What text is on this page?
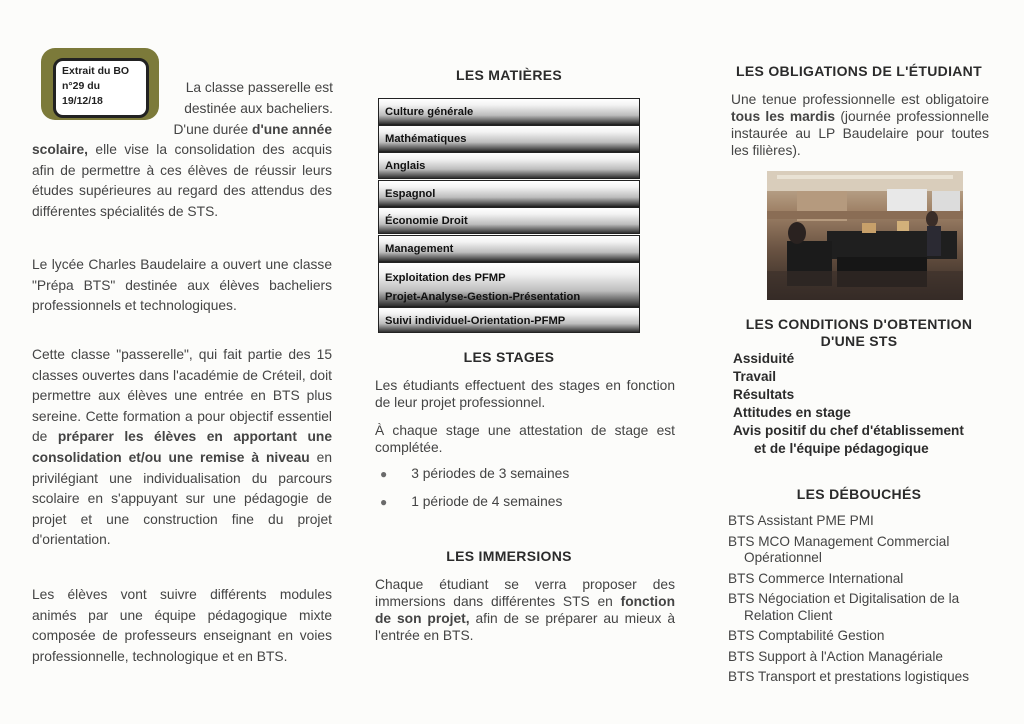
Extrait du BO
n°29 du
19/12/18
La classe passerelle est
destinée aux bacheliers.
D'une durée d'une année
scolaire, elle vise la consolidation des acquis afin de permettre à ces élèves de réussir leurs études supérieures au regard des attendus des différentes spécialités de STS.
Le lycée Charles Baudelaire a ouvert une classe "Prépa BTS" destinée aux élèves bacheliers professionnels et technologiques.
Cette classe "passerelle", qui fait partie des 15 classes ouvertes dans l'académie de Créteil, doit permettre aux élèves une entrée en BTS plus sereine. Cette formation a pour objectif essentiel de préparer les élèves en apportant une consolidation et/ou une remise à niveau en privilégiant une individualisation du parcours scolaire en s'appuyant sur une pédagogie de projet et une construction fine du projet d'orientation.
Les élèves vont suivre différents modules animés par une équipe pédagogique mixte composée de professeurs enseignant en voies professionnelle, technologique et en BTS.
LES MATIÈRES
Culture générale
Mathématiques
Anglais
Espagnol
Économie Droit
Management
Exploitation des PFMP
Projet-Analyse-Gestion-Présentation
Suivi individuel-Orientation-PFMP
LES STAGES
Les étudiants effectuent des stages en fonction de leur projet professionnel.
À chaque stage une attestation de stage est complétée.
● 3 périodes de 3 semaines
● 1 période de 4 semaines
LES IMMERSIONS
Chaque étudiant se verra proposer des immersions dans différentes STS en fonction de son projet, afin de se préparer au mieux à l'entrée en BTS.
LES OBLIGATIONS DE L'ÉTUDIANT
Une tenue professionnelle est obligatoire tous les mardis (journée professionnelle instaurée au LP Baudelaire pour toutes les filières).
LES CONDITIONS D'OBTENTION
D'UNE STS
Assiduité
Travail
Résultats
Attitudes en stage
Avis positif du chef d'établissement
et de l'équipe pédagogique
LES DÉBOUCHÉS
BTS Assistant PME PMI
BTS MCO Management Commercial
Opérationnel
BTS Commerce International
BTS Négociation et Digitalisation de la
Relation Client
BTS Comptabilité Gestion
BTS Support à l'Action Managériale
BTS Transport et prestations logistiques
